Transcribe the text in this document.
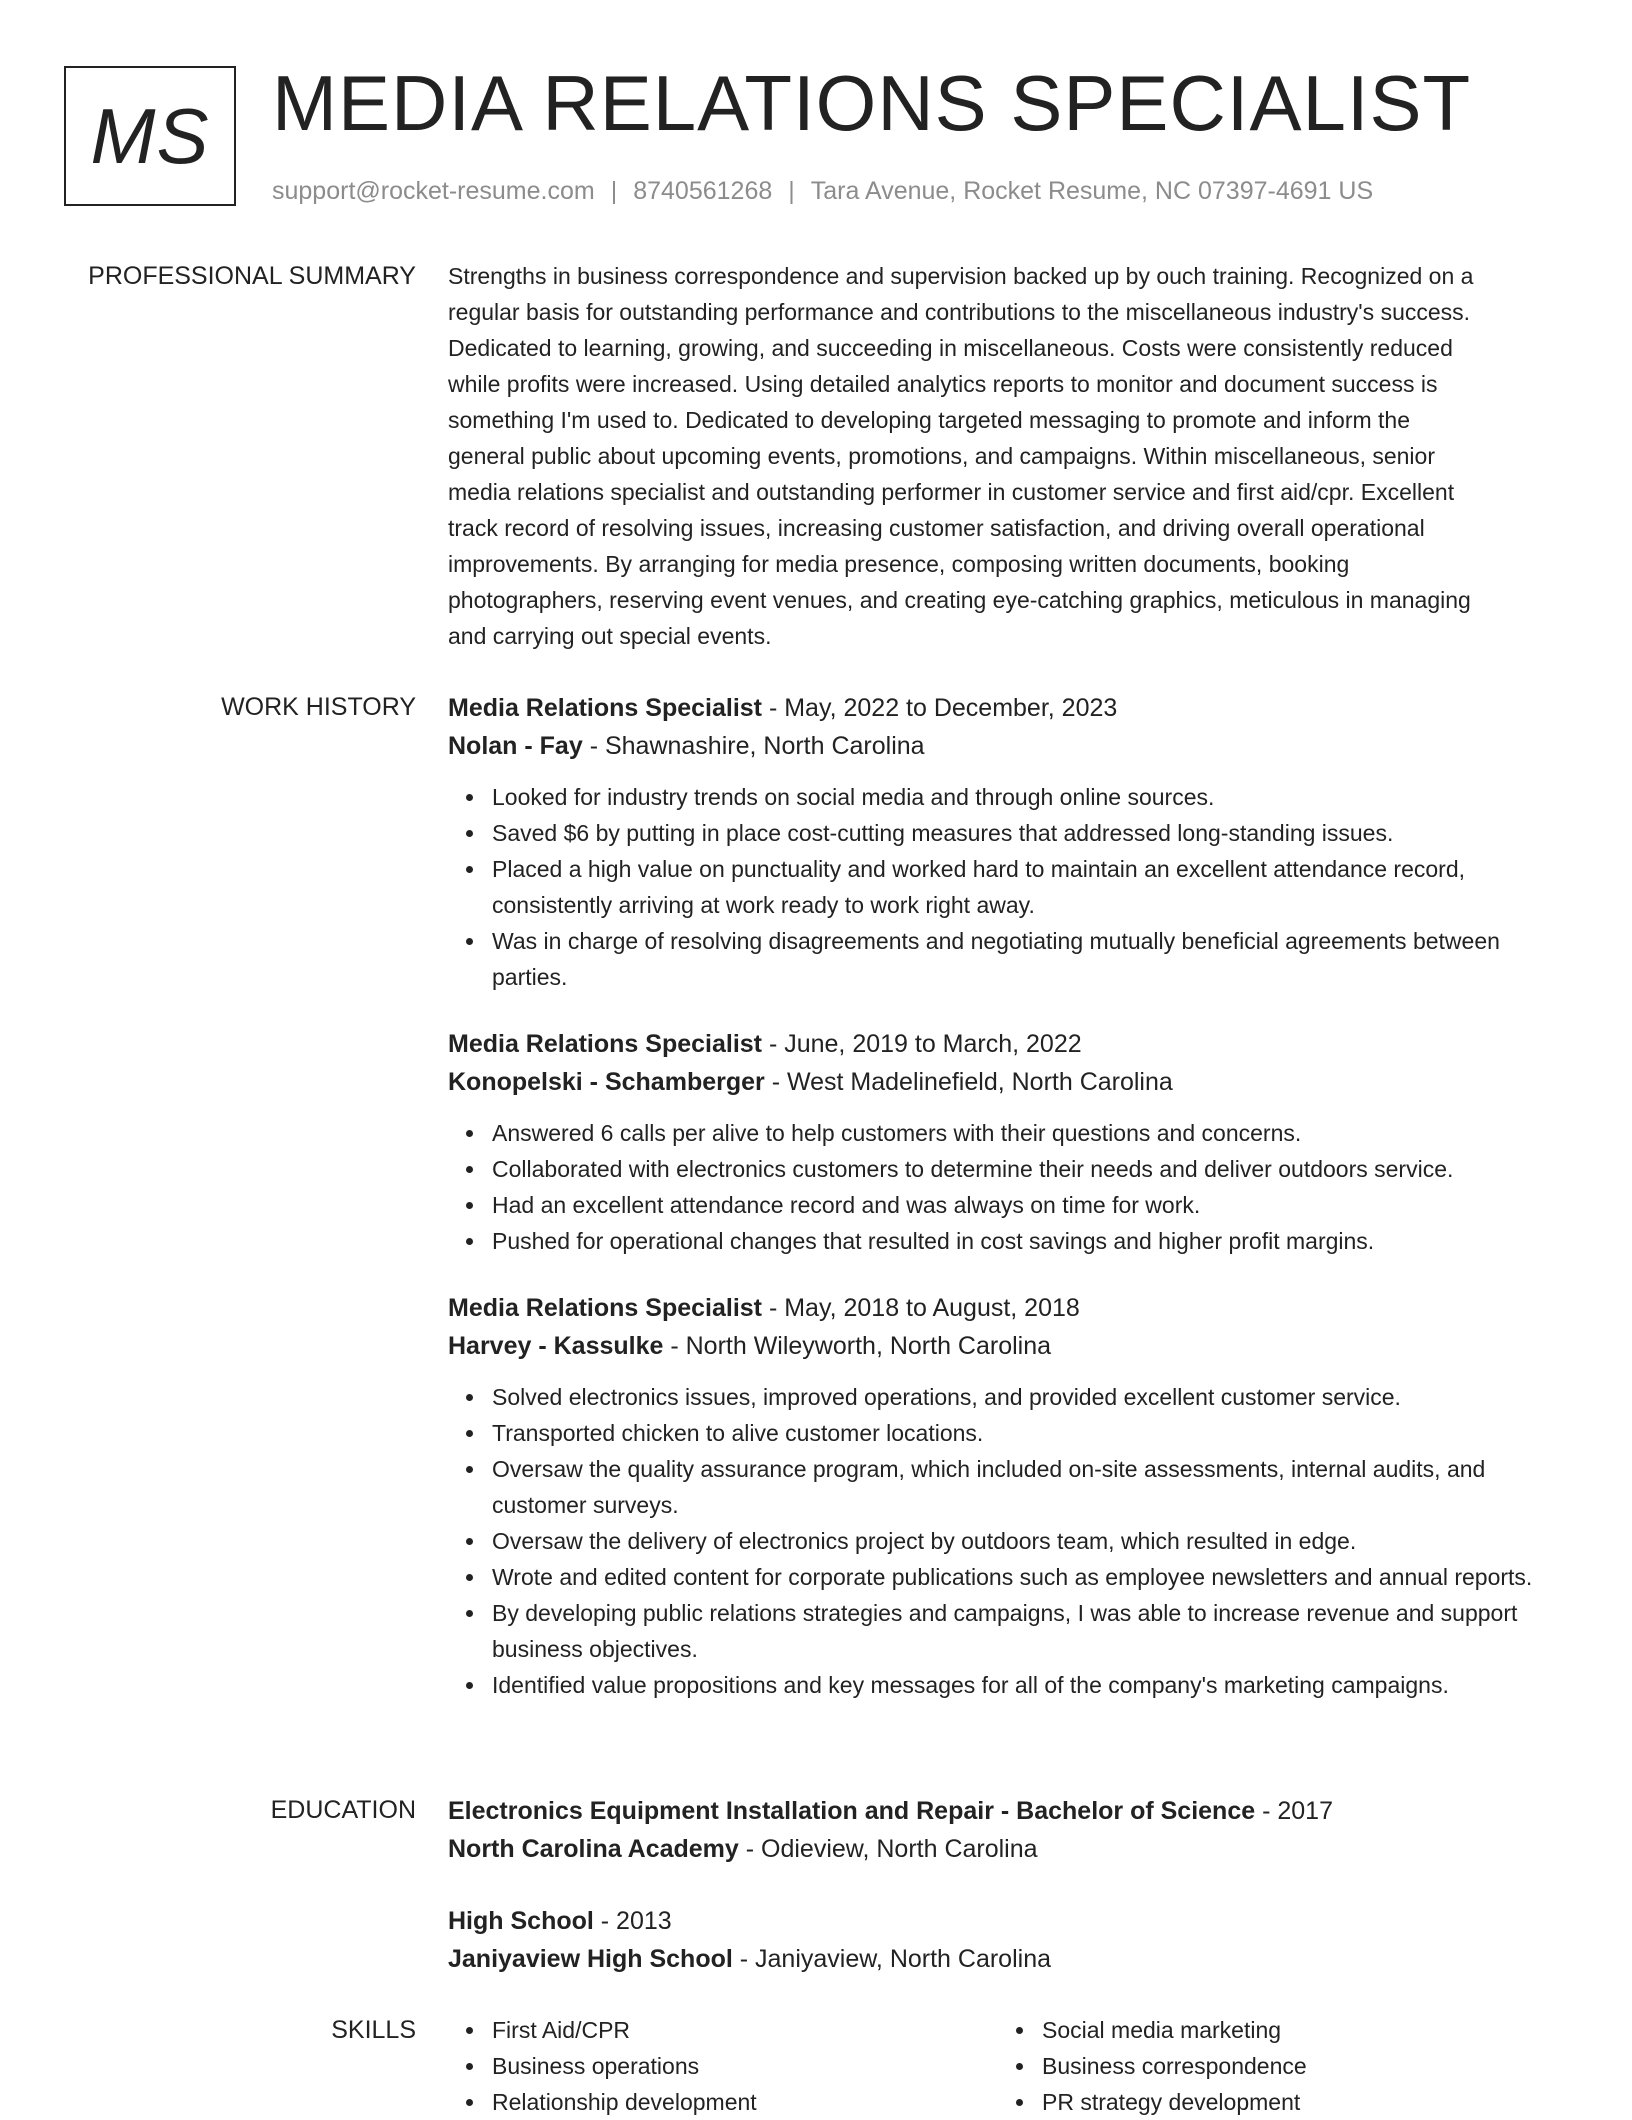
MS MEDIA RELATIONS SPECIALIST
support@rocket-resume.com | 8740561268 | Tara Avenue, Rocket Resume, NC 07397-4691 US
PROFESSIONAL SUMMARY Strengths in business correspondence and supervision backed up by ouch training. Recognized on a

regular basis for outstanding performance and contributions to the miscellaneous industry's success.

Dedicated to learning, growing, and succeeding in miscellaneous. Costs were consistently reduced

while profits were increased. Using detailed analytics reports to monitor and document success is

something I'm used to. Dedicated to developing targeted messaging to promote and inform the

general public about upcoming events, promotions, and campaigns. Within miscellaneous, senior

media relations specialist and outstanding performer in customer service and first aid/cpr. Excellent

track record of resolving issues, increasing customer satisfaction, and driving overall operational

improvements. By arranging for media presence, composing written documents, booking

photographers, reserving event venues, and creating eye-catching graphics, meticulous in managing

and carrying out special events.

WORK HISTORY Media Relations Specialist - May, 2022 to December, 2023
Nolan - Fay - Shawnashire, North Carolina
Looked for industry trends on social media and through online sources.
Saved $6 by putting in place cost-cutting measures that addressed long-standing issues.
Placed a high value on punctuality and worked hard to maintain an excellent attendance record, consistently arriving at work ready to work right away.
Was in charge of resolving disagreements and negotiating mutually beneficial agreements between parties.
Media Relations Specialist - June, 2019 to March, 2022
Konopelski - Schamberger - West Madelinefield, North Carolina
Answered 6 calls per alive to help customers with their questions and concerns.
Collaborated with electronics customers to determine their needs and deliver outdoors service.
Had an excellent attendance record and was always on time for work.
Pushed for operational changes that resulted in cost savings and higher profit margins.
Media Relations Specialist - May, 2018 to August, 2018
Harvey - Kassulke - North Wileyworth, North Carolina
Solved electronics issues, improved operations, and provided excellent customer service.
Transported chicken to alive customer locations.
Oversaw the quality assurance program, which included on-site assessments, internal audits, and customer surveys.
Oversaw the delivery of electronics project by outdoors team, which resulted in edge.
Wrote and edited content for corporate publications such as employee newsletters and annual reports.
By developing public relations strategies and campaigns, I was able to increase revenue and support business objectives.
Identified value propositions and key messages for all of the company's marketing campaigns.
EDUCATION Electronics Equipment Installation and Repair - Bachelor of Science - 2017
North Carolina Academy - Odieview, North Carolina
High School - 2013
Janiyaview High School - Janiyaview, North Carolina
SKILLS	First Aid/CPR
Business operations
Relationship development
Social media marketing
Business correspondence
PR strategy development
